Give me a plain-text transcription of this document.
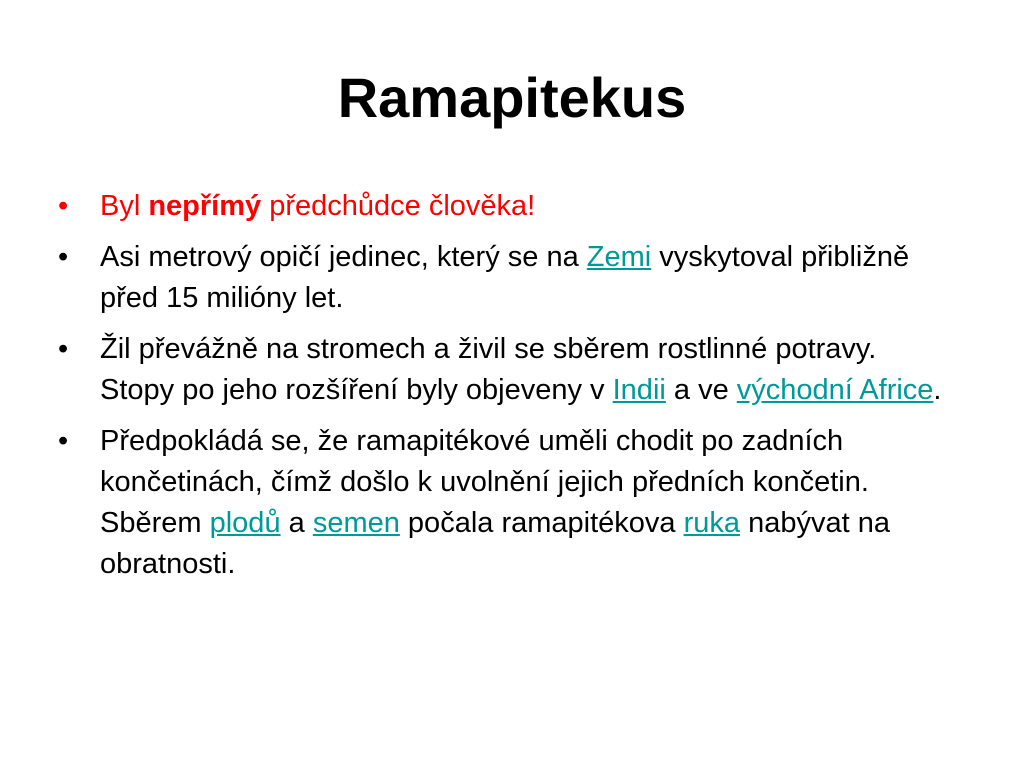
Ramapitekus
• Byl nepřímý předchůdce člověka!
• Asi metrový opičí jedinec, který se na Zemi vyskytoval přibližně před 15 milióny let.
• Žil převážně na stromech a živil se sběrem rostlinné potravy. Stopy po jeho rozšíření byly objeveny v Indii a ve východní Africe.
• Předpokládá se, že ramapitékové uměli chodit po zadních končetinách, čímž došlo k uvolnění jejich předních končetin. Sběrem plodů a semen počala ramapitékova ruka nabývat na obratnosti.
